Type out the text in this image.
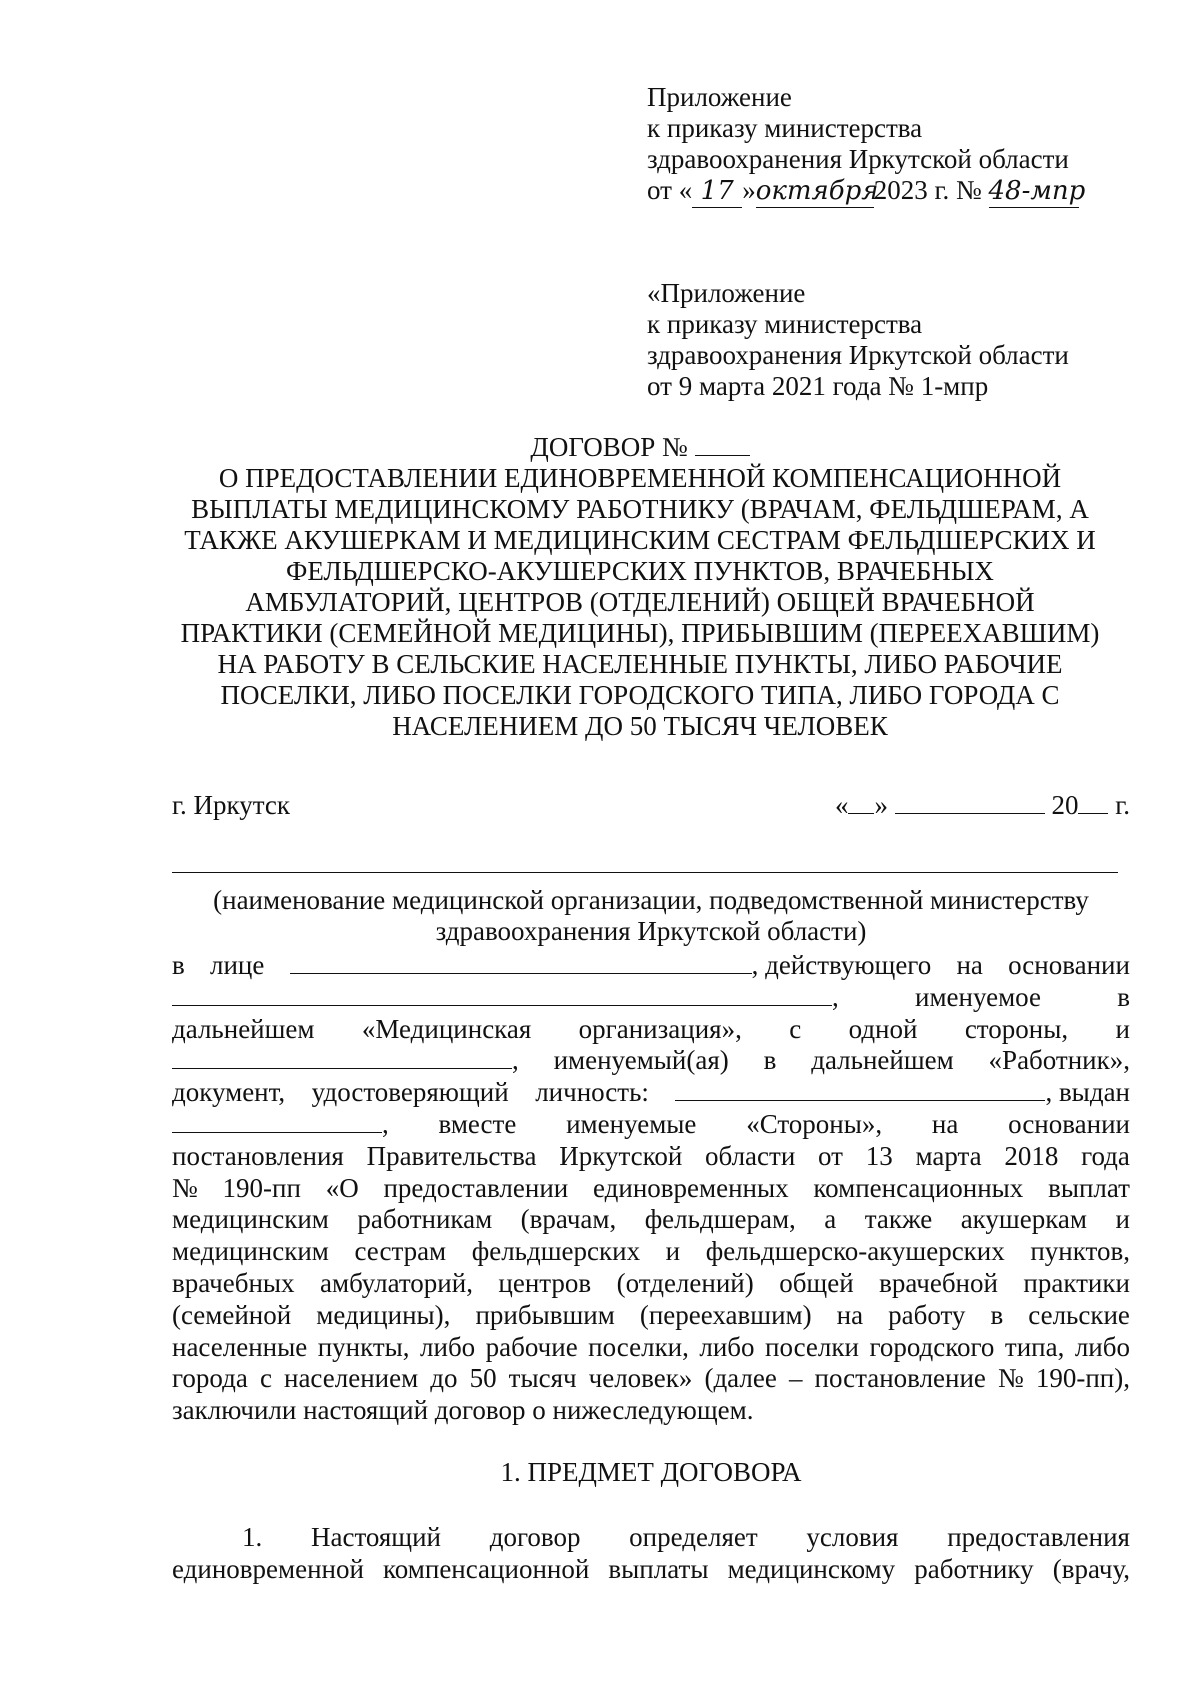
Приложение
к приказу министерства
здравоохранения Иркутской области
от « 17 »октября2023 г. № 48-мпр
«Приложение
к приказу министерства
здравоохранения Иркутской области
от 9 марта 2021 года № 1-мпр
ДОГОВОР №
О ПРЕДОСТАВЛЕНИИ ЕДИНОВРЕМЕННОЙ КОМПЕНСАЦИОННОЙ
ВЫПЛАТЫ МЕДИЦИНСКОМУ РАБОТНИКУ (ВРАЧАМ, ФЕЛЬДШЕРАМ, А
ТАКЖЕ АКУШЕРКАМ И МЕДИЦИНСКИМ СЕСТРАМ ФЕЛЬДШЕРСКИХ И
ФЕЛЬДШЕРСКО-АКУШЕРСКИХ ПУНКТОВ, ВРАЧЕБНЫХ
АМБУЛАТОРИЙ, ЦЕНТРОВ (ОТДЕЛЕНИЙ) ОБЩЕЙ ВРАЧЕБНОЙ
ПРАКТИКИ (СЕМЕЙНОЙ МЕДИЦИНЫ), ПРИБЫВШИМ (ПЕРЕЕХАВШИМ)
НА РАБОТУ В СЕЛЬСКИЕ НАСЕЛЕННЫЕ ПУНКТЫ, ЛИБО РАБОЧИЕ
ПОСЕЛКИ, ЛИБО ПОСЕЛКИ ГОРОДСКОГО ТИПА, ЛИБО ГОРОДА С
НАСЕЛЕНИЕМ ДО 50 ТЫСЯЧ ЧЕЛОВЕК
г. Иркутск	« »	20 г.
(наименование медицинской организации, подведомственной министерству
здравоохранения Иркутской области)
в лице	, действующего на основании
,	именуемое	в
дальнейшем «Медицинская организация», с одной стороны, и
, именуемый(ая) в дальнейшем «Работник»,
документ, удостоверяющий личность:	, выдан
, вместе именуемые «Стороны», на основании
постановления Правительства Иркутской области от 13 марта 2018 года
№ 190-пп «О предоставлении единовременных компенсационных выплат
медицинским работникам (врачам, фельдшерам, а также акушеркам и
медицинским сестрам фельдшерских и фельдшерско-акушерских пунктов,
врачебных амбулаторий, центров (отделений) общей врачебной практики
(семейной медицины), прибывшим (переехавшим) на работу в сельские
населенные пункты, либо рабочие поселки, либо поселки городского типа, либо
города с населением до 50 тысяч человек» (далее – постановление № 190-пп),
заключили настоящий договор о нижеследующем.
1. ПРЕДМЕТ ДОГОВОРА
1. Настоящий договор определяет условия предоставления
единовременной компенсационной выплаты медицинскому работнику (врачу,
